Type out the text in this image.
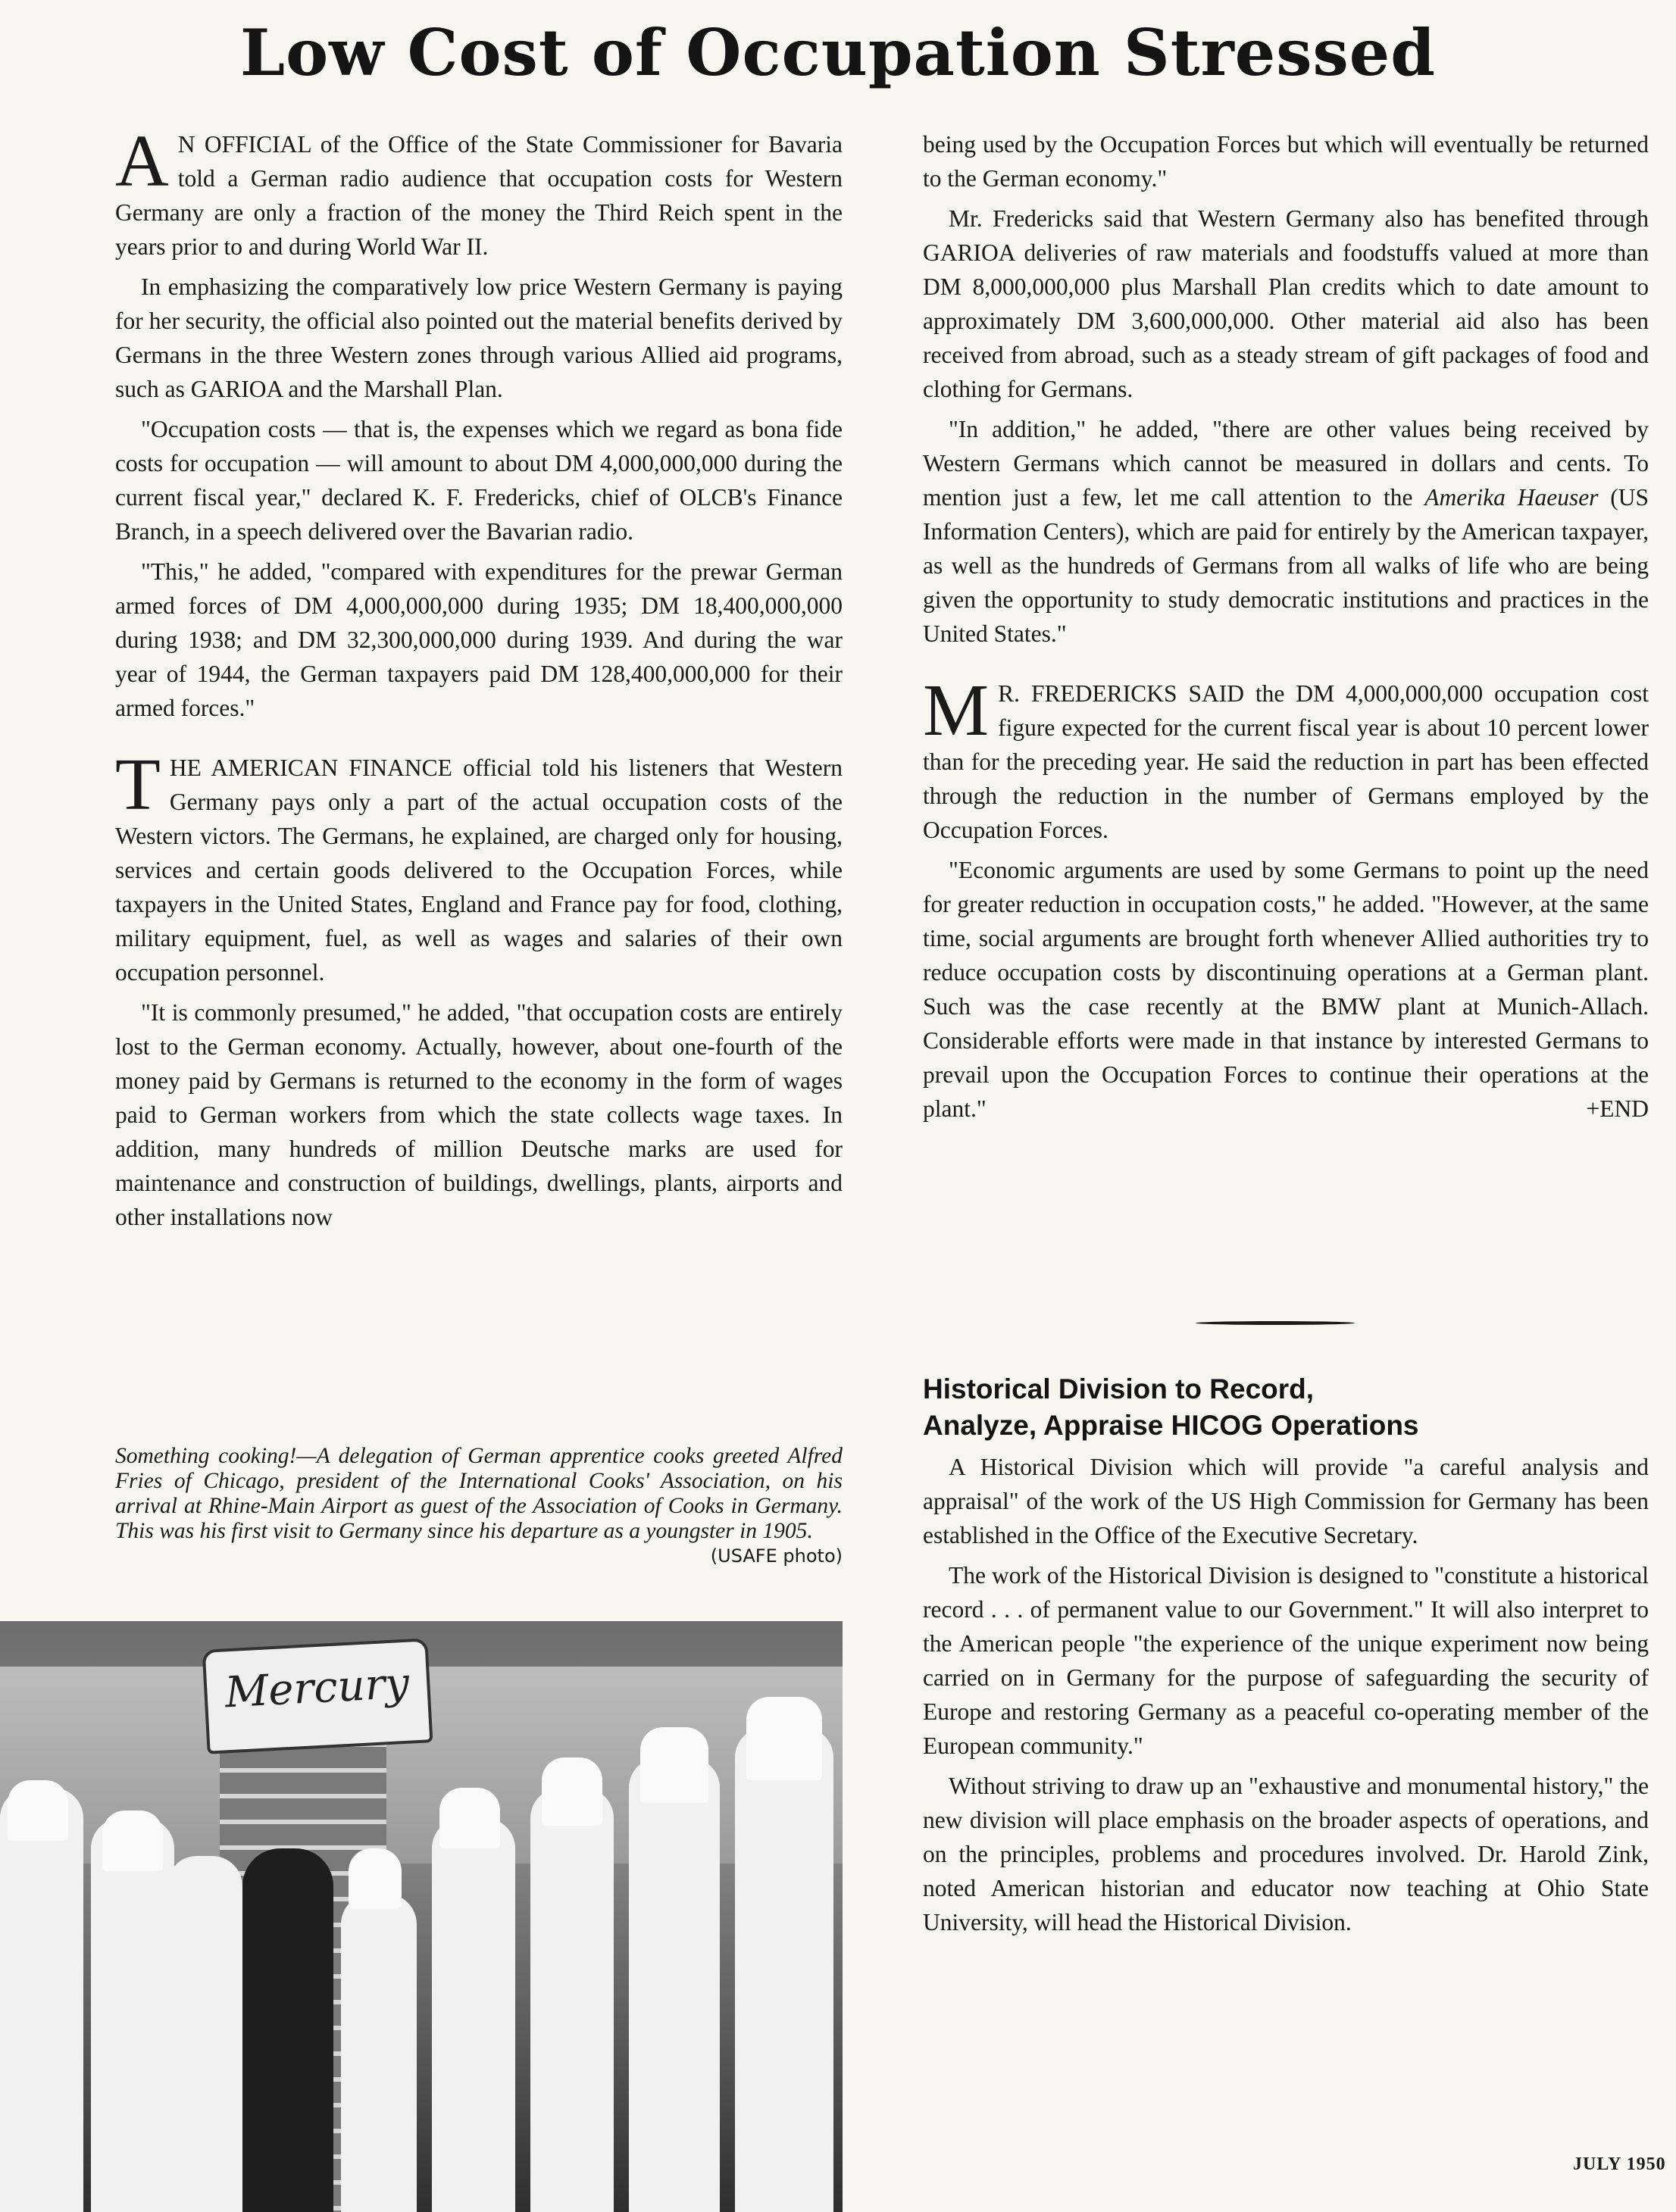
Low Cost of Occupation Stressed

A N OFFICIAL of the Office of the State Commissioner for Bavaria told a German radio audience that occupation costs for Western Germany are only a fraction of the money the Third Reich spent in the years prior to and during World War II.

In emphasizing the comparatively low price Western Germany is paying for her security, the official also pointed out the material benefits derived by Germans in the three Western zones through various Allied aid programs, such as GARIOA and the Marshall Plan.

"Occupation costs — that is, the expenses which we regard as bona fide costs for occupation — will amount to about DM 4,000,000,000 during the current fiscal year," declared K. F. Fredericks, chief of OLCB's Finance Branch, in a speech delivered over the Bavarian radio.

"This," he added, "compared with expenditures for the prewar German armed forces of DM 4,000,000,000 during 1935; DM 18,400,000,000 during 1938; and DM 32,300,000,000 during 1939. And during the war year of 1944, the German taxpayers paid DM 128,400,000,000 for their armed forces."

THE AMERICAN FINANCE official told his listeners that Western Germany pays only a part of the actual occupation costs of the Western victors. The Germans, he explained, are charged only for housing, services and certain goods delivered to the Occupation Forces, while taxpayers in the United States, England and France pay for food, clothing, military equipment, fuel, as well as wages and salaries of their own occupation personnel.

"It is commonly presumed," he added, "that occupation costs are entirely lost to the German economy. Actually, however, about one-fourth of the money paid by Germans is returned to the economy in the form of wages paid to German workers from which the state collects wage taxes. In addition, many hundreds of million Deutsche marks are used for maintenance and construction of buildings, dwellings, plants, airports and other installations now

Something cooking!—A delegation of German apprentice cooks greeted Alfred Fries of Chicago, president of the International Cooks' Association, on his arrival at Rhine-Main Airport as guest of the Association of Cooks in Germany. This was his first visit to Germany since his departure as a youngster in 1905.
(USAFE photo)
Mercury

being used by the Occupation Forces but which will eventually be returned to the German economy."

Mr. Fredericks said that Western Germany also has benefited through GARIOA deliveries of raw materials and foodstuffs valued at more than DM 8,000,000,000 plus Marshall Plan credits which to date amount to approximately DM 3,600,000,000. Other material aid also has been received from abroad, such as a steady stream of gift packages of food and clothing for Germans.

"In addition," he added, "there are other values being received by Western Germans which cannot be measured in dollars and cents. To mention just a few, let me call attention to the Amerika Haeuser (US Information Centers), which are paid for entirely by the American taxpayer, as well as the hundreds of Germans from all walks of life who are being given the opportunity to study democratic institutions and practices in the United States."

M R. FREDERICKS SAID the DM 4,000,000,000 occupation cost figure expected for the current fiscal year is about 10 percent lower than for the preceding year. He said the reduction in part has been effected through the reduction in the number of Germans employed by the Occupation Forces.

"Economic arguments are used by some Germans to point up the need for greater reduction in occupation costs," he added. "However, at the same time, social arguments are brought forth whenever Allied authorities try to reduce occupation costs by discontinuing operations at a German plant. Such was the case recently at the BMW plant at Munich-Allach. Considerable efforts were made in that instance by interested Germans to prevail upon the Occupation Forces to continue their operations at the plant."	+END

Historical Division to Record,
Analyze, Appraise HICOG Operations

A Historical Division which will provide "a careful analysis and appraisal" of the work of the US High Commission for Germany has been established in the Office of the Executive Secretary.

The work of the Historical Division is designed to "constitute a historical record . . . of permanent value to our Government." It will also interpret to the American people "the experience of the unique experiment now being carried on in Germany for the purpose of safeguarding the security of Europe and restoring Germany as a peaceful co-operating member of the European community."

Without striving to draw up an "exhaustive and monumental history," the new division will place emphasis on the broader aspects of operations, and on the principles, problems and procedures involved. Dr. Harold Zink, noted American historian and educator now teaching at Ohio State University, will head the Historical Division.

JULY 1950
